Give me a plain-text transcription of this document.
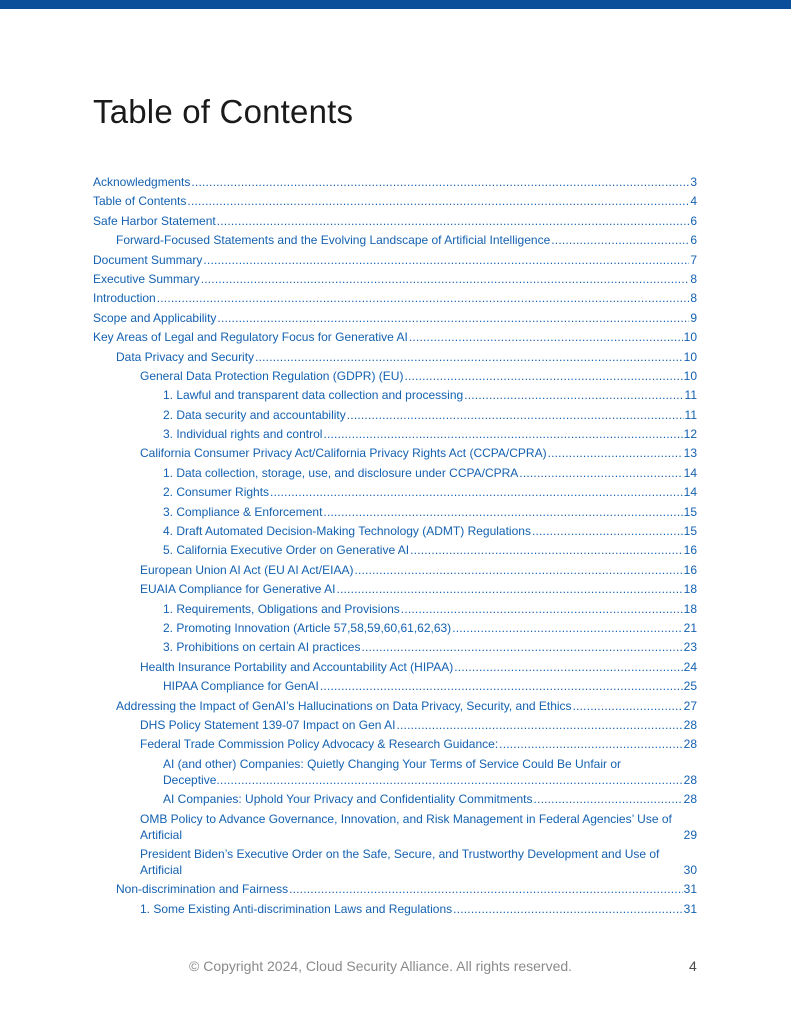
Table of Contents
Acknowledgments .....	3
Table of Contents .....	4
Safe Harbor Statement .....	6
Forward-Focused Statements and the Evolving Landscape of Artificial Intelligence .....	6
Document Summary .....	7
Executive Summary .....	8
Introduction .....	8
Scope and Applicability .....	9
Key Areas of Legal and Regulatory Focus for Generative AI .....	10
Data Privacy and Security .....	10
General Data Protection Regulation (GDPR) (EU) .....	10
1. Lawful and transparent data collection and processing .....	11
2. Data security and accountability .....	11
3. Individual rights and control .....	12
California Consumer Privacy Act/California Privacy Rights Act (CCPA/CPRA) .....	13
1. Data collection, storage, use, and disclosure under CCPA/CPRA .....	14
2. Consumer Rights .....	14
3. Compliance & Enforcement .....	15
4. Draft Automated Decision-Making Technology (ADMT) Regulations .....	15
5. California Executive Order on Generative AI .....	16
European Union AI Act (EU AI Act/EIAA) .....	16
EUAIA Compliance for Generative AI .....	18
1. Requirements, Obligations and Provisions .....	18
2. Promoting Innovation (Article 57,58,59,60,61,62,63) .....	21
3. Prohibitions on certain AI practices .....	23
Health Insurance Portability and Accountability Act (HIPAA) .....	24
HIPAA Compliance for GenAI .....	25
Addressing the Impact of GenAI’s Hallucinations on Data Privacy, Security, and Ethics .....	27
DHS Policy Statement 139-07 Impact on Gen AI .....	28
Federal Trade Commission Policy Advocacy & Research Guidance: .....	28
AI (and other) Companies: Quietly Changing Your Terms of Service Could Be Unfair or Deceptive .....	28
AI Companies: Uphold Your Privacy and Confidentiality Commitments .....	28
OMB Policy to Advance Governance, Innovation, and Risk Management in Federal Agencies’ Use of Artificial	29
President Biden’s Executive Order on the Safe, Secure, and Trustworthy Development and Use of Artificial	30
Non-discrimination and Fairness .....	31
1. Some Existing Anti-discrimination Laws and Regulations .....	31
© Copyright 2024, Cloud Security Alliance. All rights reserved.	4
